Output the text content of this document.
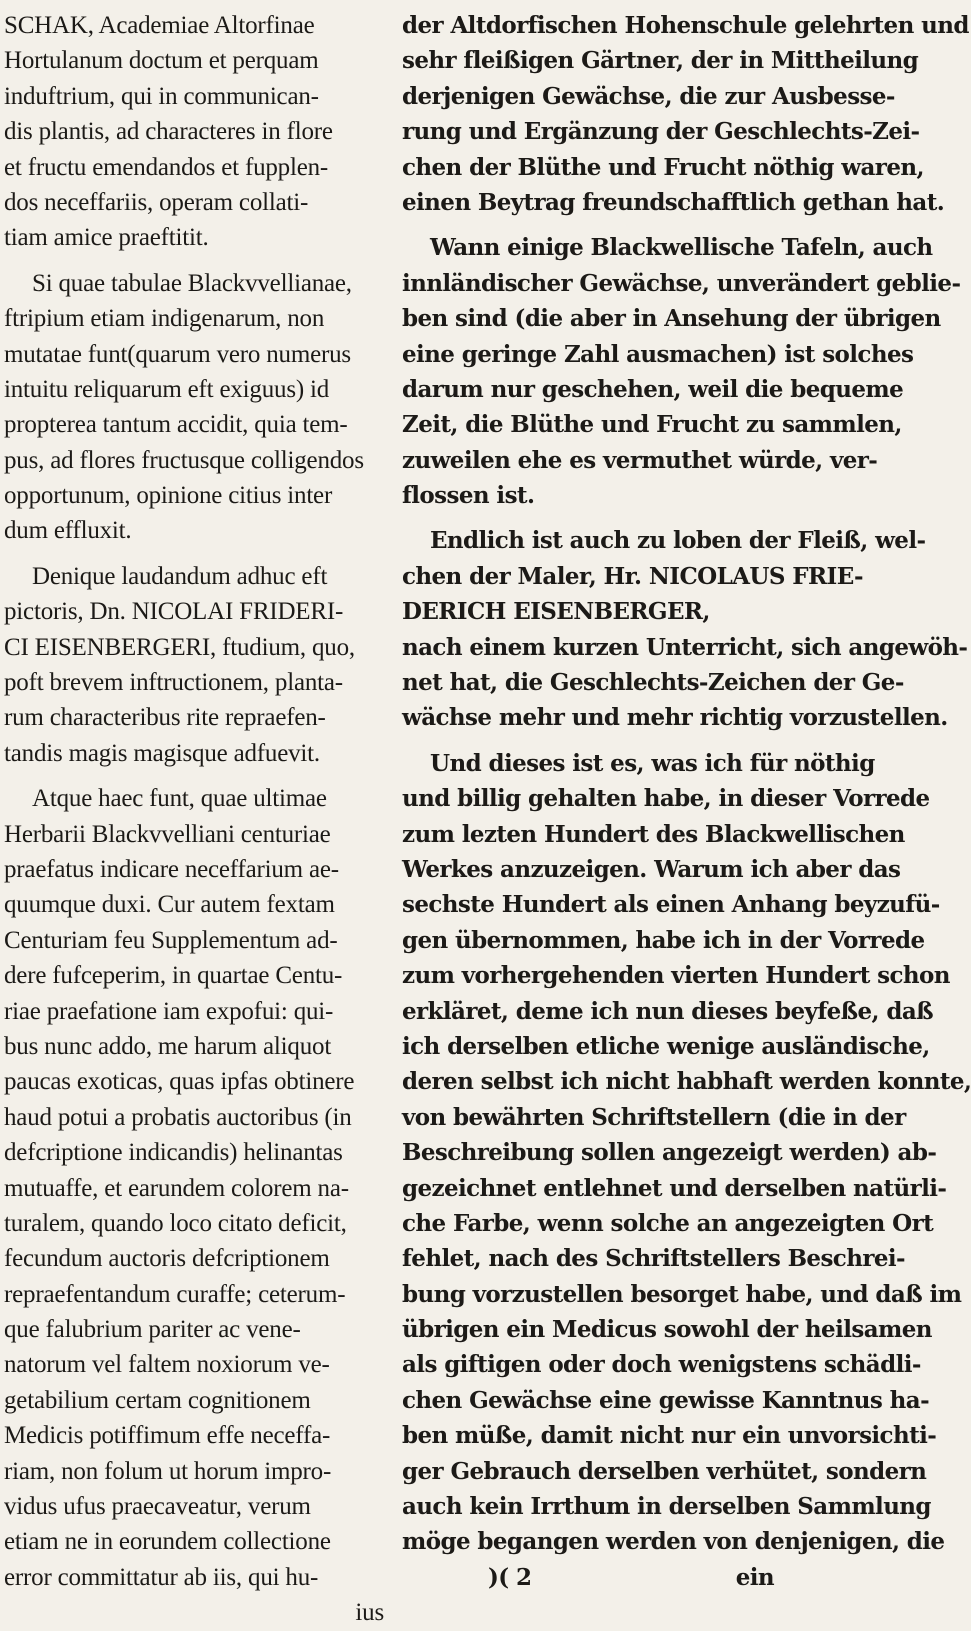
SCHAK, Academiae Altorfinae
Hortulanum doctum et perquam
induftrium, qui in communican-
dis plantis, ad characteres in flore
et fructu emendandos et fupplen-
dos neceffariis, operam collati-
tiam amice praeftitit.
Si quae tabulae Blackvvellianae,
ftripium etiam indigenarum, non
mutatae funt(quarum vero numerus
intuitu reliquarum eft exiguus) id
propterea tantum accidit, quia tem-
pus, ad flores fructusque colligendos
opportunum, opinione citius inter
dum effluxit.
Denique laudandum adhuc eft
pictoris, Dn. NICOLAI FRIDERI-
CI EISENBERGERI, ftudium, quo,
poft brevem inftructionem, planta-
rum characteribus rite repraefen-
tandis magis magisque adfuevit.
Atque haec funt, quae ultimae
Herbarii Blackvvelliani centuriae
praefatus indicare neceffarium ae-
quumque duxi. Cur autem fextam
Centuriam feu Supplementum ad-
dere fufceperim, in quartae Centu-
riae praefatione iam expofui: qui-
bus nunc addo, me harum aliquot
paucas exoticas, quas ipfas obtinere
haud potui a probatis auctoribus (in
defcriptione indicandis) helinantas
mutuaffe, et earundem colorem na-
turalem, quando loco citato deficit,
fecundum auctoris defcriptionem
repraefentandum curaffe; ceterum-
que falubrium pariter ac vene-
natorum vel faltem noxiorum ve-
getabilium certam cognitionem
Medicis potiffimum effe neceffa-
riam, non folum ut horum impro-
vidus ufus praecaveatur, verum
etiam ne in eorundem collectione
error committatur ab iis, qui hu-
ius
der Altdorfischen Hohenschule gelehrten und
sehr fleißigen Gärtner, der in Mittheilung
derjenigen Gewächse, die zur Ausbesse-
rung und Ergänzung der Geschlechts-Zei-
chen der Blüthe und Frucht nöthig waren,
einen Beytrag freundschafftlich gethan hat.
Wann einige Blackwellische Tafeln, auch
innländischer Gewächse, unverändert geblie-
ben sind (die aber in Ansehung der übrigen
eine geringe Zahl ausmachen) ist solches
darum nur geschehen, weil die bequeme
Zeit, die Blüthe und Frucht zu sammlen,
zuweilen ehe es vermuthet würde, ver-
flossen ist.
Endlich ist auch zu loben der Fleiß, wel-
chen der Maler, Hr. NICOLAUS FRIE-
DERICH EISENBERGER,
nach einem kurzen Unterricht, sich angewöh-
net hat, die Geschlechts-Zeichen der Ge-
wächse mehr und mehr richtig vorzustellen.
Und dieses ist es, was ich für nöthig
und billig gehalten habe, in dieser Vorrede
zum lezten Hundert des Blackwellischen
Werkes anzuzeigen. Warum ich aber das
sechste Hundert als einen Anhang beyzufü-
gen übernommen, habe ich in der Vorrede
zum vorhergehenden vierten Hundert schon
erkläret, deme ich nun dieses beyfeße, daß
ich derselben etliche wenige ausländische,
deren selbst ich nicht habhaft werden konnte,
von bewährten Schriftstellern (die in der
Beschreibung sollen angezeigt werden) ab-
gezeichnet entlehnet und derselben natürli-
che Farbe, wenn solche an angezeigten Ort
fehlet, nach des Schriftstellers Beschrei-
bung vorzustellen besorget habe, und daß im
übrigen ein Medicus sowohl der heilsamen
als giftigen oder doch wenigstens schädli-
chen Gewächse eine gewisse Kanntnus ha-
ben müße, damit nicht nur ein unvorsichti-
ger Gebrauch derselben verhütet, sondern
auch kein Irrthum in derselben Sammlung
möge begangen werden von denjenigen, die
)( 2	ein
